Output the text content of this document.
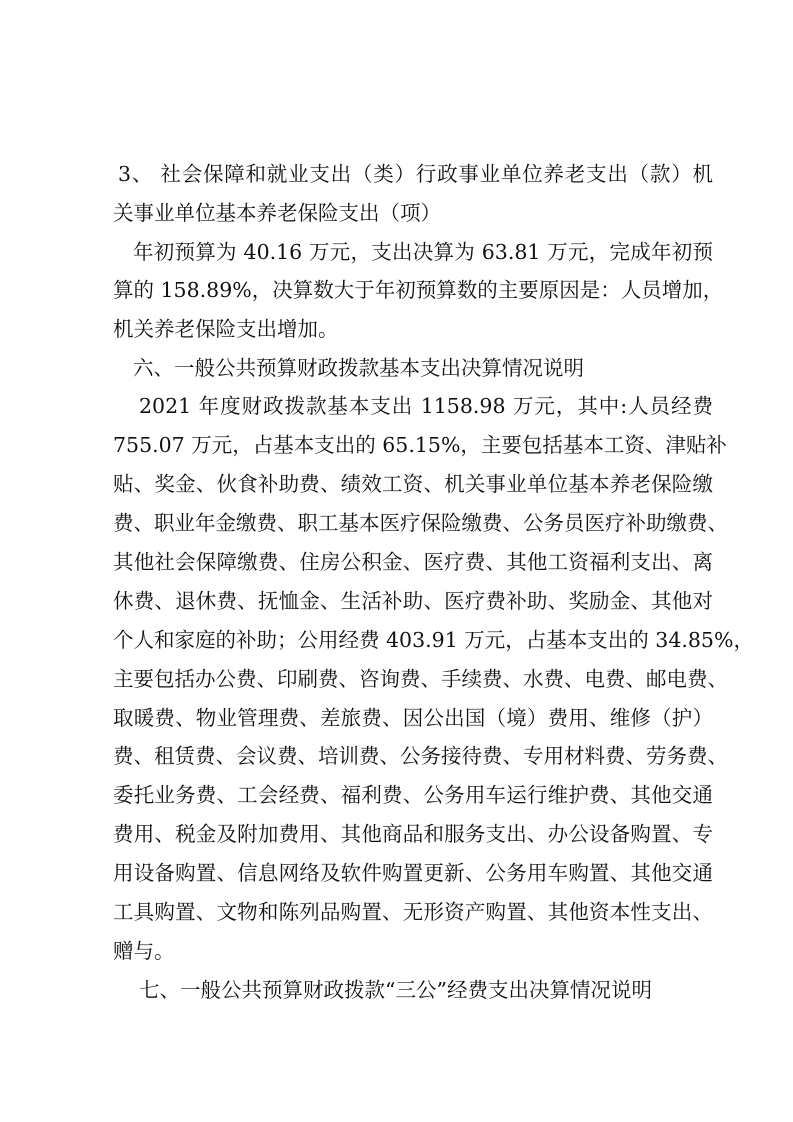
3、 社会保障和就业支出（类）行政事业单位养老支出（款）机
关事业单位基本养老保险支出（项）
年初预算为 40.16 万元，支出决算为 63.81 万元，完成年初预
算的 158.89%，决算数大于年初预算数的主要原因是：人员增加，
机关养老保险支出增加。
六、一般公共预算财政拨款基本支出决算情况说明
2021 年度财政拨款基本支出 1158.98 万元，其中:人员经费
755.07 万元，占基本支出的 65.15%，主要包括基本工资、津贴补
贴、奖金、伙食补助费、绩效工资、机关事业单位基本养老保险缴
费、职业年金缴费、职工基本医疗保险缴费、公务员医疗补助缴费、
其他社会保障缴费、住房公积金、医疗费、其他工资福利支出、离
休费、退休费、抚恤金、生活补助、医疗费补助、奖励金、其他对
个人和家庭的补助；公用经费 403.91 万元，占基本支出的 34.85%，
主要包括办公费、印刷费、咨询费、手续费、水费、电费、邮电费、
取暖费、物业管理费、差旅费、因公出国（境）费用、维修（护）
费、租赁费、会议费、培训费、公务接待费、专用材料费、劳务费、
委托业务费、工会经费、福利费、公务用车运行维护费、其他交通
费用、税金及附加费用、其他商品和服务支出、办公设备购置、专
用设备购置、信息网络及软件购置更新、公务用车购置、其他交通
工具购置、文物和陈列品购置、无形资产购置、其他资本性支出、
赠与。
七、一般公共预算财政拨款“三公”经费支出决算情况说明
